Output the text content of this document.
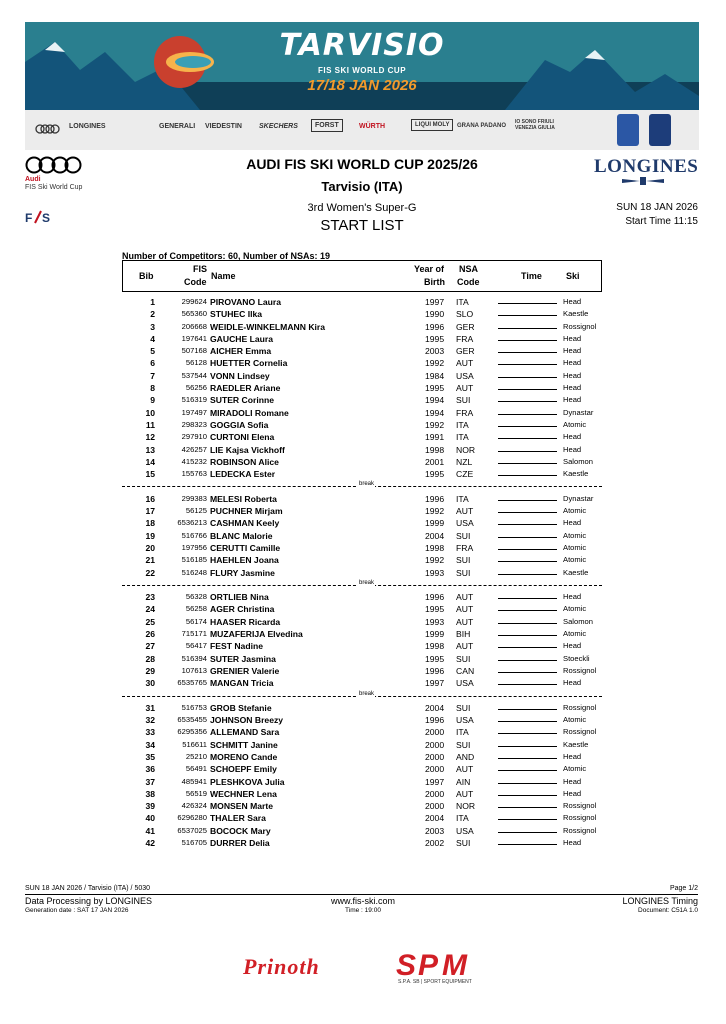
TARVISIO
FIS SKI WORLD CUP
17/18 JAN 2026
LONGINES	GENERALI VIEDESTIN SKECHERS	FORST	WÜRTH	LIQUI MOLY	GRANA PADANO
IO SONO FRIULI VENEZIA GIULIA
Audi
FIS Ski World Cup
AUDI FIS SKI WORLD CUP 2025/26
Tarvisio (ITA)
3rd Women's Super-G
START LIST
LONGINES
F S
SUN 18 JAN 2026
Start Time 11:15
Number of Competitors: 60, Number of NSAs: 19
Bib
FIS
Code
Name
Year of
Birth
NSA
Code
Time	Ski
1	299624 PIROVANO Laura	1997 ITA	Head
2	565360 STUHEC Ilka	1990 SLO	Kaestle
3	206668 WEIDLE-WINKELMANN Kira	1996 GER	Rossignol
4	197641 GAUCHE Laura	1995 FRA	Head
5	507168 AICHER Emma	2003 GER	Head
6	56128 HUETTER Cornelia	1992 AUT	Head
7	537544 VONN Lindsey	1984 USA	Head
8	56256 RAEDLER Ariane	1995 AUT	Head
9	516319 SUTER Corinne	1994 SUI	Head
10	197497 MIRADOLI Romane	1994 FRA	Dynastar
11	298323 GOGGIA Sofia	1992 ITA	Atomic
12	297910 CURTONI Elena	1991 ITA	Head
13	426257 LIE Kajsa Vickhoff	1998 NOR	Head
14	415232 ROBINSON Alice	2001 NZL	Salomon
15	155763 LEDECKA Ester	1995 CZE	Kaestle
break
16	299383 MELESI Roberta	1996 ITA	Dynastar
17	56125 PUCHNER Mirjam	1992 AUT	Atomic
18	6536213 CASHMAN Keely	1999 USA	Head
19	516766 BLANC Malorie	2004 SUI	Atomic
20	197956 CERUTTI Camille	1998 FRA	Atomic
21	516185 HAEHLEN Joana	1992 SUI	Atomic
22	516248 FLURY Jasmine	1993 SUI	Kaestle
break
23	56328 ORTLIEB Nina	1996 AUT	Head
24	56258 AGER Christina	1995 AUT	Atomic
25	56174 HAASER Ricarda	1993 AUT	Salomon
26	715171 MUZAFERIJA Elvedina	1999 BIH	Atomic
27	56417 FEST Nadine	1998 AUT	Head
28	516394 SUTER Jasmina	1995 SUI	Stoeckli
29	107613 GRENIER Valerie	1996 CAN	Rossignol
30	6535765 MANGAN Tricia	1997 USA	Head
break
31	516753 GROB Stefanie	2004 SUI	Rossignol
32	6535455 JOHNSON Breezy	1996 USA	Atomic
33	6295356 ALLEMAND Sara	2000 ITA	Rossignol
34	516611 SCHMITT Janine	2000 SUI	Kaestle
35	25210 MORENO Cande	2000 AND	Head
36	56491 SCHOEPF Emily	2000 AUT	Atomic
37	485941 PLESHKOVA Julia	1997 AIN	Head
38	56519 WECHNER Lena	2000 AUT	Head
39	426324 MONSEN Marte	2000 NOR	Rossignol
40	6296280 THALER Sara	2004 ITA	Rossignol
41	6537025 BOCOCK Mary	2003 USA	Rossignol
42	516705 DURRER Delia	2002 SUI	Head
SUN 18 JAN 2026 / Tarvisio (ITA) / 5030	Page 1/2
Data Processing by LONGINES	www.fis-ski.com	LONGINES Timing
Generation date : SAT 17 JAN 2026	Time : 19:00	Document: C51A 1.0
Prinoth	S P M
S.P.A. SB | SPORT EQUIPMENT
